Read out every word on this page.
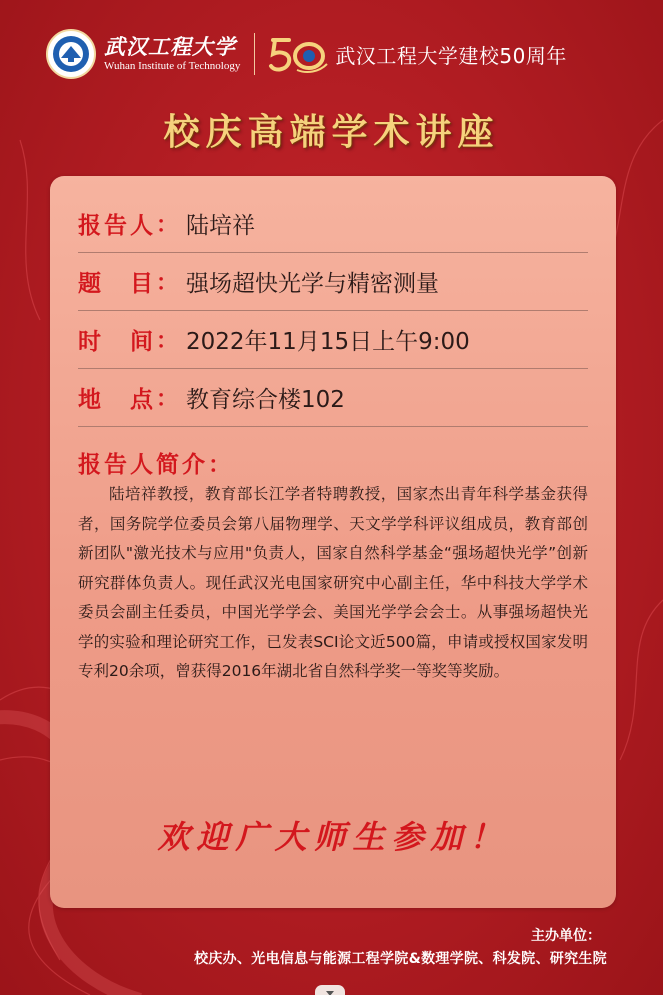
武汉工程大学
Wuhan Institute of Technology	武汉工程大学建校50周年
校庆高端学术讲座
报告人 ： 陆培祥
题　目 ： 强场超快光学与精密测量
时　间 ： 2022年11月15日上午9:00
地　点 ： 教育综合楼102
报告人简介：
陆培祥教授，教育部长江学者特聘教授，国家杰出青年科学基金获得者，国务院学位委员会第八届物理学、天文学学科评议组成员，教育部创新团队"激光技术与应用"负责人，国家自然科学基金“强场超快光学”创新研究群体负责人。现任武汉光电国家研究中心副主任，华中科技大学学术委员会副主任委员，中国光学学会、美国光学学会会士。从事强场超快光学的实验和理论研究工作，已发表SCI论文近500篇，申请或授权国家发明专利20余项，曾获得2016年湖北省自然科学奖一等奖等奖励。
欢迎广大师生参加！
主办单位：
校庆办、光电信息与能源工程学院&数理学院、科发院、研究生院
